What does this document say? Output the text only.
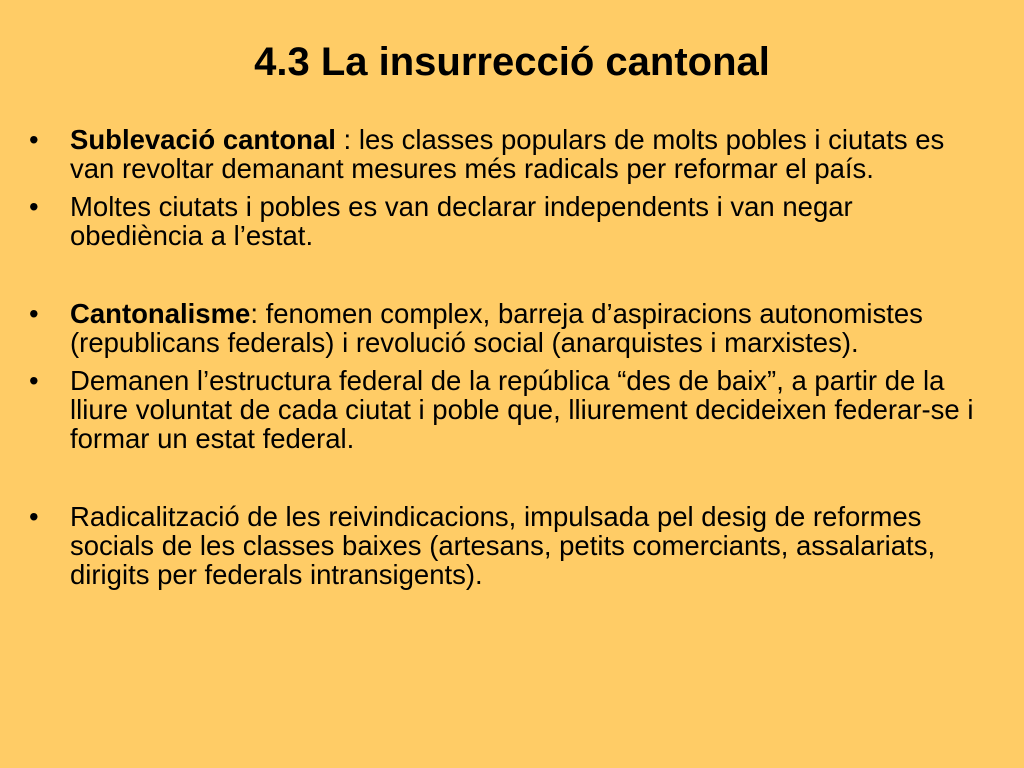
4.3 La insurrecció cantonal
• Sublevació cantonal : les classes populars de molts pobles i ciutats es van revoltar demanant mesures més radicals per reformar el país.
• Moltes ciutats i pobles es van declarar independents i van negar obediència a l’estat.
• Cantonalisme: fenomen complex, barreja d’aspiracions autonomistes (republicans federals) i revolució social (anarquistes i marxistes).
• Demanen l’estructura federal de la república “des de baix”, a partir de la lliure voluntat de cada ciutat i poble que, lliurement decideixen federar-se i formar un estat federal.
• Radicalització de les reivindicacions, impulsada pel desig de reformes socials de les classes baixes (artesans, petits comerciants, assalariats, dirigits per federals intransigents).
